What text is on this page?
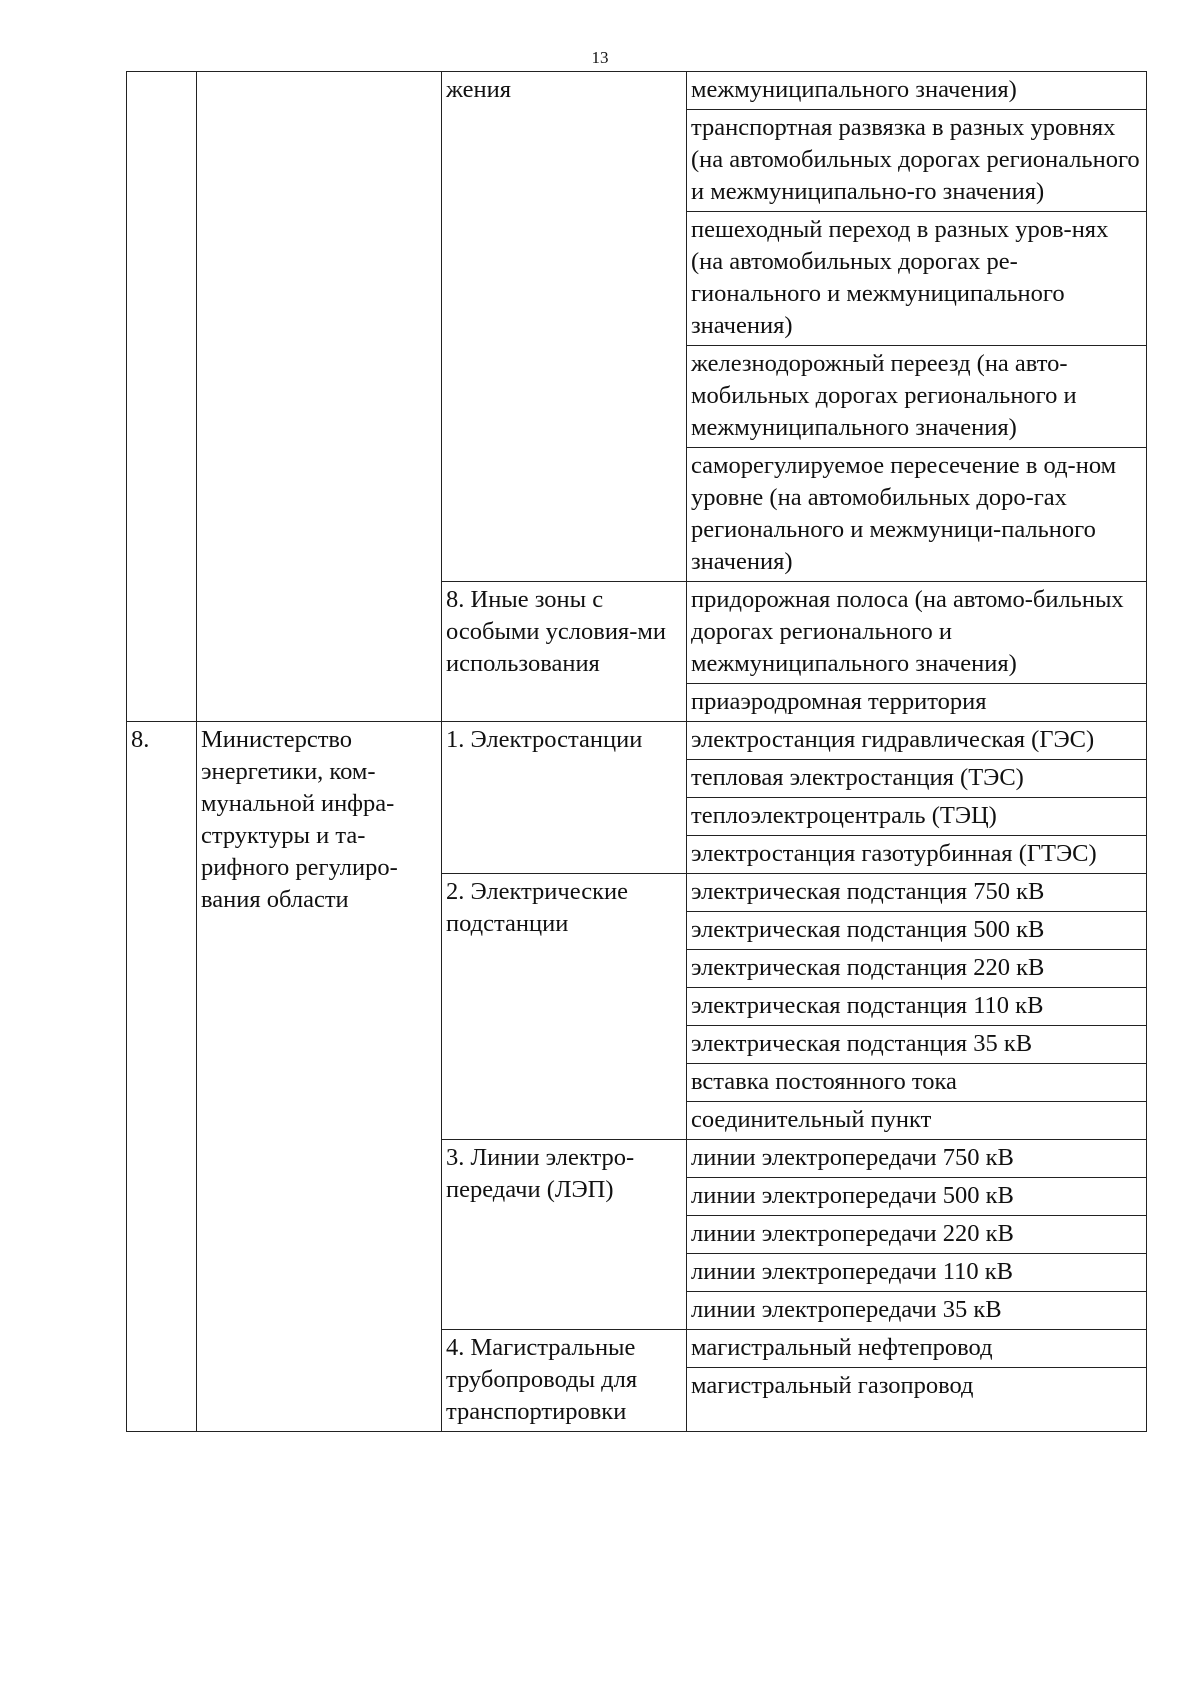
13
		жения	межмуниципального значения)
			транспортная развязка в разных уровнях (на автомобильных дорогах регионального и межмуниципально-го значения)
			пешеходный переход в разных уров-нях (на автомобильных дорогах ре-гионального и межмуниципального значения)
			железнодорожный переезд (на авто-мобильных дорогах регионального и межмуниципального значения)
			саморегулируемое пересечение в од-ном уровне (на автомобильных доро-гах регионального и межмуници-пального значения)
		8. Иные зоны с особыми условия-ми использования	придорожная полоса (на автомо-бильных дорогах регионального и межмуниципального значения)
			приаэродромная территория
8.	Министерство энергетики, ком-мунальной инфра-структуры и та-рифного регулиро-вания области	1. Электростанции	электростанция гидравлическая (ГЭС)
			тепловая электростанция (ТЭС)
			теплоэлектроцентраль (ТЭЦ)
			электростанция газотурбинная (ГТЭС)
		2. Электрические подстанции	электрическая подстанция 750 кВ
			электрическая подстанция 500 кВ
			электрическая подстанция 220 кВ
			электрическая подстанция 110 кВ
			электрическая подстанция 35 кВ
			вставка постоянного тока
			соединительный пункт
		3. Линии электро-передачи (ЛЭП)	линии электропередачи 750 кВ
			линии электропередачи 500 кВ
			линии электропередачи 220 кВ
			линии электропередачи 110 кВ
			линии электропередачи 35 кВ
		4. Магистральные трубопроводы для транспортировки	магистральный нефтепровод
			магистральный газопровод
